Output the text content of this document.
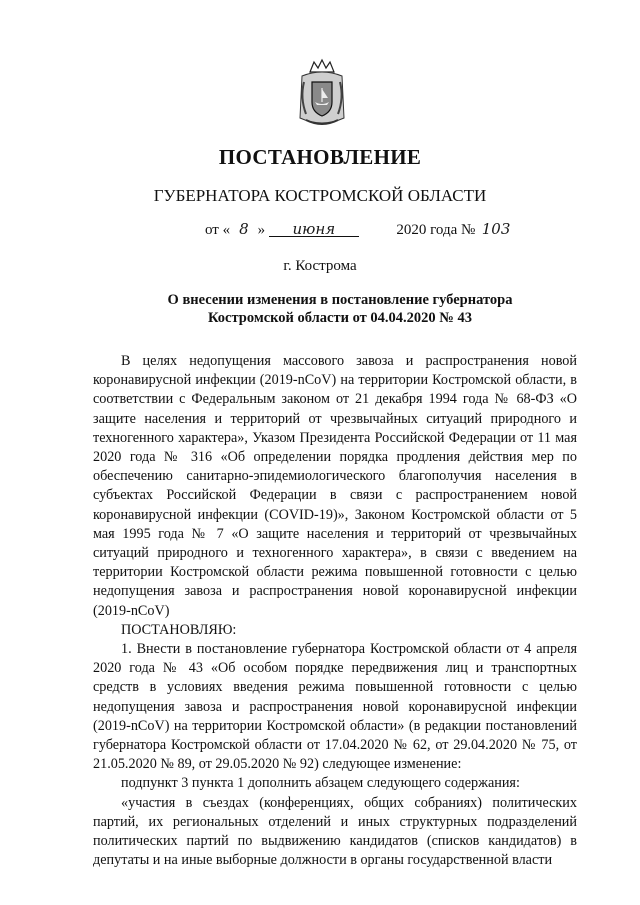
ПОСТАНОВЛЕНИЕ
ГУБЕРНАТОРА КОСТРОМСКОЙ ОБЛАСТИ
от « 8 » июня	2020 года № 103
г. Кострома
О внесении изменения в постановление губернатора
Костромской области от 04.04.2020 № 43

В целях недопущения массового завоза и распространения новой коронавирусной инфекции (2019-nCoV) на территории Костромской области, в соответствии с Федеральным законом от 21 декабря 1994 года № 68-ФЗ «О защите населения и территорий от чрезвычайных ситуаций природного и техногенного характера», Указом Президента Российской Федерации от 11 мая 2020 года № 316 «Об определении порядка продления действия мер по обеспечению санитарно-эпидемиологического благополучия населения в субъектах Российской Федерации в связи с распространением новой коронавирусной инфекции (COVID-19)», Законом Костромской области от 5 мая 1995 года № 7 «О защите населения и территорий от чрезвычайных ситуаций природного и техногенного характера», в связи с введением на территории Костромской области режима повышенной готовности с целью недопущения завоза и распространения новой коронавирусной инфекции (2019-nCoV)

ПОСТАНОВЛЯЮ:

1. Внести в постановление губернатора Костромской области от 4 апреля 2020 года № 43 «Об особом порядке передвижения лиц и транспортных средств в условиях введения режима повышенной готовности с целью недопущения завоза и распространения новой коронавирусной инфекции (2019-nCoV) на территории Костромской области» (в редакции постановлений губернатора Костромской области от 17.04.2020 № 62, от 29.04.2020 № 75, от 21.05.2020 № 89, от 29.05.2020 № 92) следующее изменение:

подпункт 3 пункта 1 дополнить абзацем следующего содержания:

«участия в съездах (конференциях, общих собраниях) политических партий, их региональных отделений и иных структурных подразделений политических партий по выдвижению кандидатов (списков кандидатов) в депутаты и на иные выборные должности в органы государственной власти
